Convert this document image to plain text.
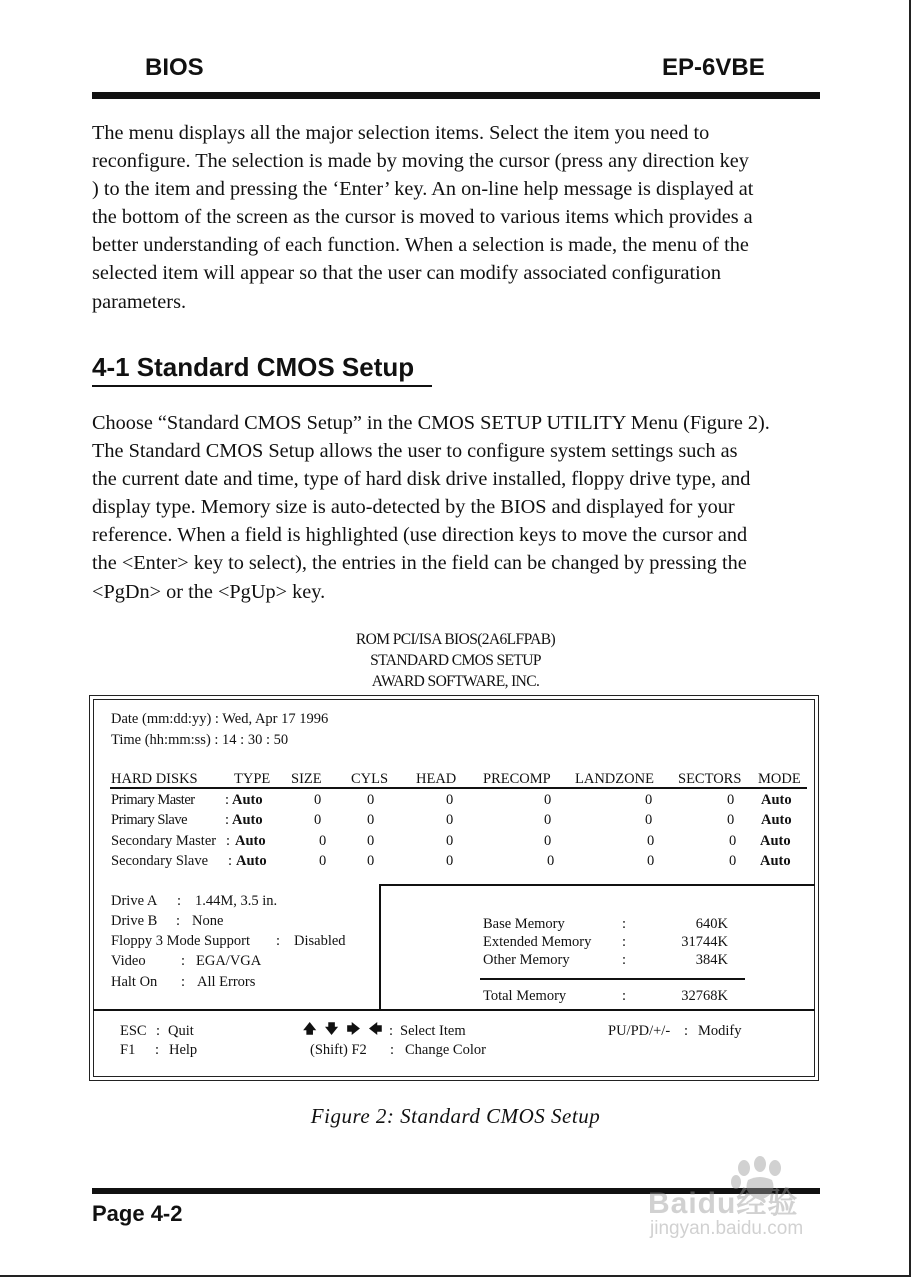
BIOS	EP-6VBE
The menu displays all the major selection items. Select the item you need to
reconfigure. The selection is made by moving the cursor (press any direction key
) to the item and pressing the ‘Enter’ key. An on-line help message is displayed at
the bottom of the screen as the cursor is moved to various items which provides a
better understanding of each function. When a selection is made, the menu of the
selected item will appear so that the user can modify associated configuration
parameters.
4-1 Standard CMOS Setup
Choose “Standard CMOS Setup” in the CMOS SETUP UTILITY Menu (Figure 2).
The Standard CMOS Setup allows the user to configure system settings such as
the current date and time, type of hard disk drive installed, floppy drive type, and
display type. Memory size is auto-detected by the BIOS and displayed for your
reference. When a field is highlighted (use direction keys to move the cursor and
the <Enter> key to select), the entries in the field can be changed by pressing the
<PgDn> or the <PgUp> key.
ROM PCI/ISA BIOS(2A6LFPAB)
STANDARD CMOS SETUP
AWARD SOFTWARE, INC.
Date (mm:dd:yy) : Wed, Apr 17 1996
Time (hh:mm:ss) : 14 : 30 : 50
HARD DISKS	TYPE SIZE CYLS HEAD PRECOMP LANDZONE SECTORS MODE
Primary Master : Auto	0	0	0	0	0	0 Auto
Primary Slave	: Auto	0	0	0	0	0	0 Auto
Secondary Master : Auto	0	0	0	0	0	0 Auto
Secondary Slave : Auto	0	0	0	0	0	0 Auto
Drive A : 1.44M, 3.5 in.
Drive B : None
Floppy 3 Mode Support : Disabled
Video : EGA/VGA
Halt On : All Errors
Base Memory	:	640K
Extended Memory :	31744K
Other Memory	:	384K
Total Memory	:	32768K
ESC : Quit
F1 : Help
🡅 🡇 🡆 🡄 : Select Item
(Shift) F2 : Change Color
PU/PD/+/- : Modify
Figure 2: Standard CMOS Setup
Page 4-2	Baidu经验
jingyan.baidu.com
